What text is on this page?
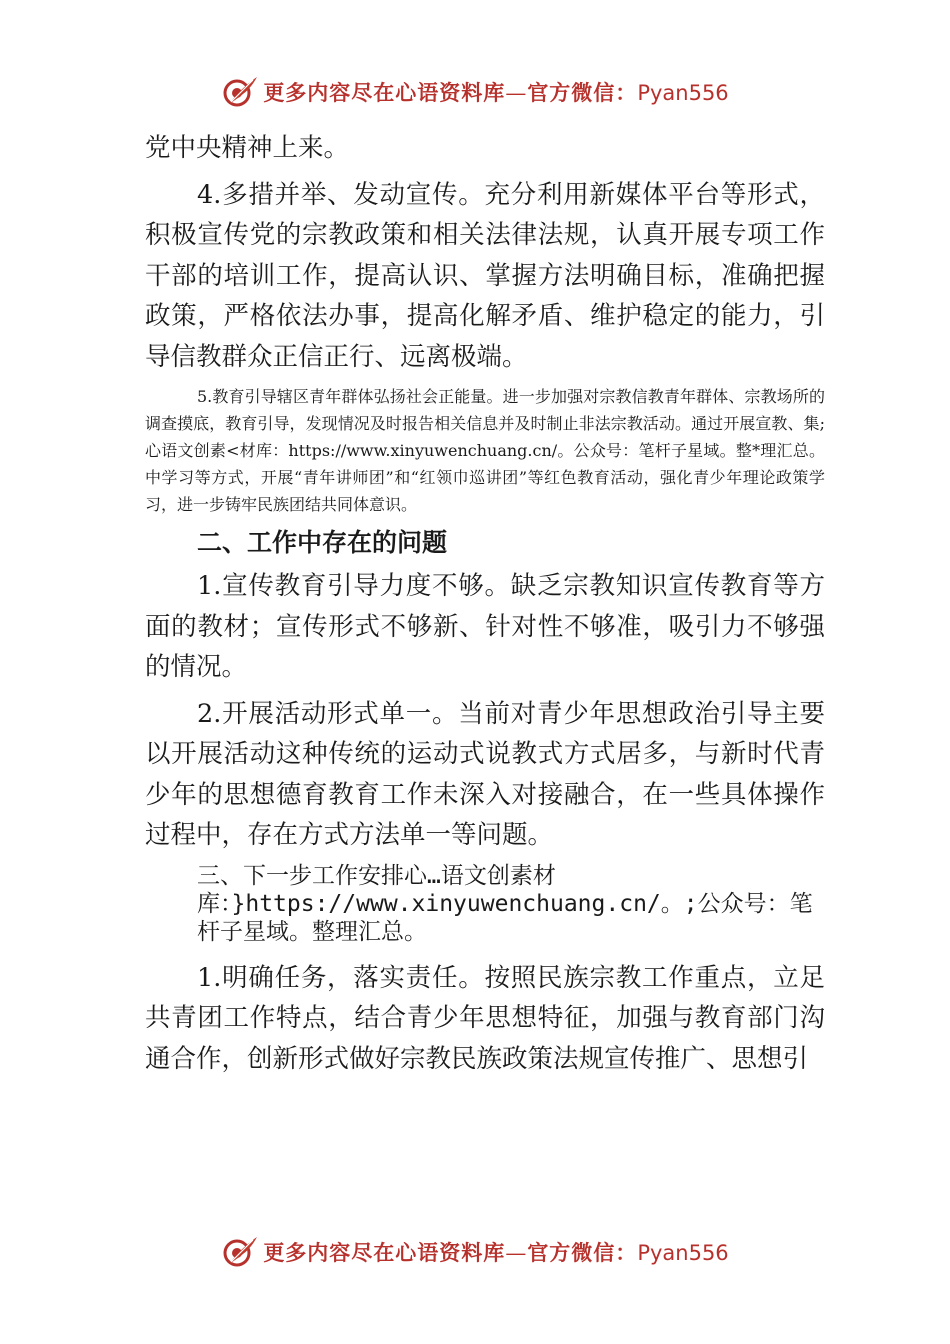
更多内容尽在心语资料库—官方微信：Pyan556

党中央精神上来。

4.多措并举、发动宣传。充分利用新媒体平台等形式，积极宣传党的宗教政策和相关法律法规，认真开展专项工作干部的培训工作，提高认识、掌握方法明确目标，准确把握政策，严格依法办事，提高化解矛盾、维护稳定的能力，引导信教群众正信正行、远离极端。

5.教育引导辖区青年群体弘扬社会正能量。进一步加强对宗教信教青年群体、宗教场所的调查摸底，教育引导，发现情况及时报告相关信息并及时制止非法宗教活动。通过开展宣教、集;心语文创素<材库：https://www.xinyuwenchuang.cn/。公众号：笔杆子星域。整*理汇总。中学习等方式，开展“青年讲师团”和“红领巾巡讲团”等红色教育活动，强化青少年理论政策学习，进一步铸牢民族团结共同体意识。

二、工作中存在的问题

1.宣传教育引导力度不够。缺乏宗教知识宣传教育等方面的教材；宣传形式不够新、针对性不够准，吸引力不够强的情况。

2.开展活动形式单一。当前对青少年思想政治引导主要以开展活动这种传统的运动式说教式方式居多，与新时代青少年的思想德育教育工作未深入对接融合，在一些具体操作过程中，存在方式方法单一等问题。

三、下一步工作安排心…语文创素材库：}https://www.xinyuwenchuang.cn/。;公众号：笔杆子星域。整理汇总。

1.明确任务，落实责任。按照民族宗教工作重点，立足共青团工作特点，结合青少年思想特征，加强与教育部门沟通合作，创新形式做好宗教民族政策法规宣传推广、思想引

更多内容尽在心语资料库—官方微信：Pyan556
